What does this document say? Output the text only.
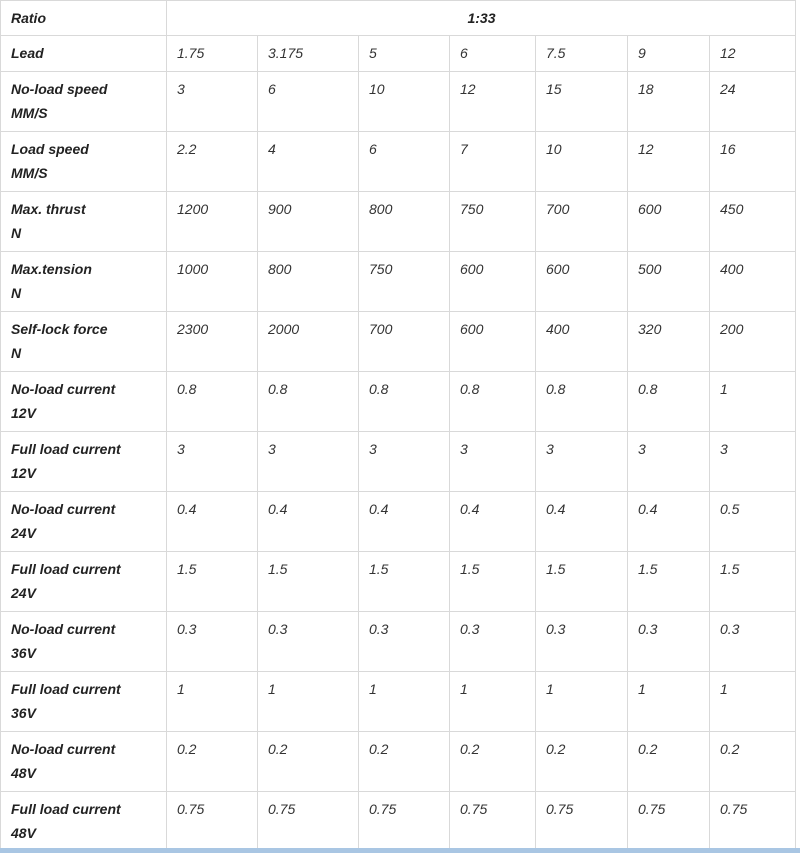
Ratio	1:33						
Lead	1.75	3.175	5	6	7.5	9	12

No-load speed
MM/S	3	6	10	12	15	18	24

Load speed
MM/S	2.2	4	6	7	10	12	16

Max. thrust
N	1200	900	800	750	700	600	450

Max.tension
N	1000	800	750	600	600	500	400

Self-lock force
N	2300	2000	700	600	400	320	200

No-load current
12V	0.8	0.8	0.8	0.8	0.8	0.8	1

Full load current
12V	3	3	3	3	3	3	3

No-load current
24V	0.4	0.4	0.4	0.4	0.4	0.4	0.5

Full load current
24V	1.5	1.5	1.5	1.5	1.5	1.5	1.5

No-load current
36V	0.3	0.3	0.3	0.3	0.3	0.3	0.3

Full load current
36V	1	1	1	1	1	1	1

No-load current
48V	0.2	0.2	0.2	0.2	0.2	0.2	0.2

Full load current
48V	0.75	0.75	0.75	0.75	0.75	0.75	0.75
